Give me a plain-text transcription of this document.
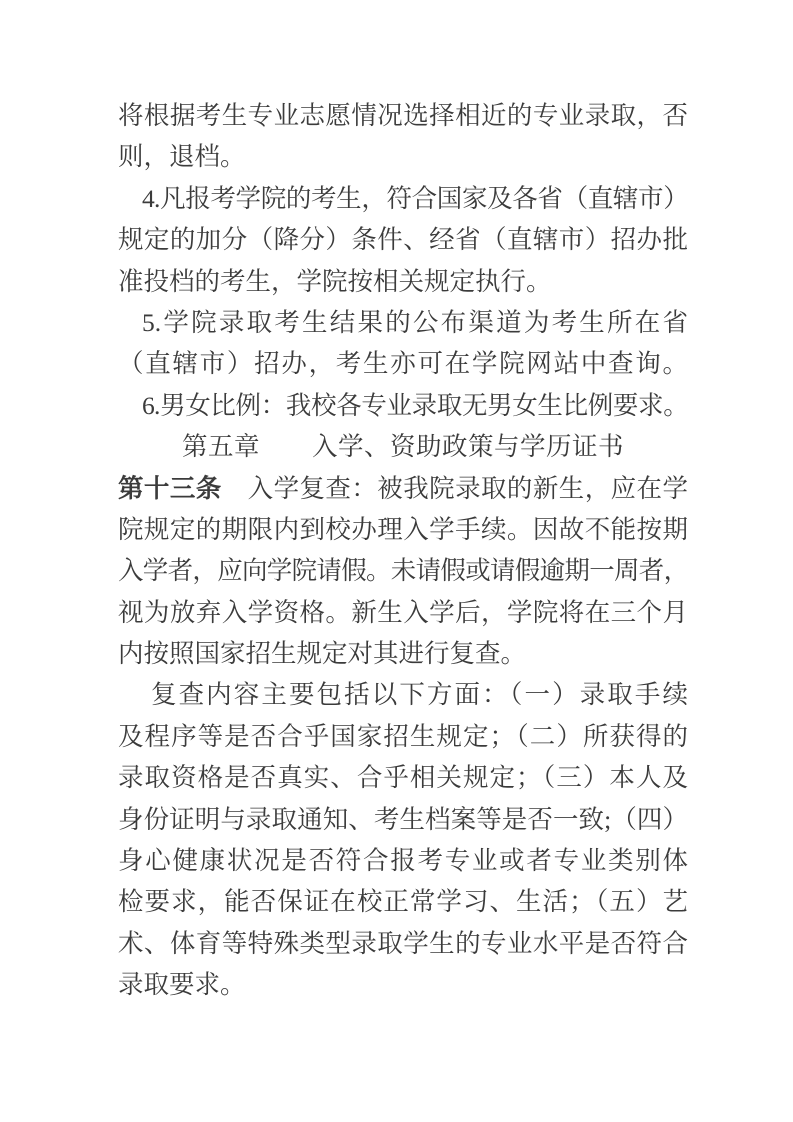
将根据考生专业志愿情况选择相近的专业录取，否
则，退档。
4.凡报考学院的考生，符合国家及各省（直辖市）
规定的加分（降分）条件、经省（直辖市）招办批
准投档的考生，学院按相关规定执行。
5.学院录取考生结果的公布渠道为考生所在省
（直辖市）招办，考生亦可在学院网站中查询。
6.男女比例：我校各专业录取无男女生比例要求。
第五章　　入学、资助政策与学历证书
第十三条　入学复查：被我院录取的新生，应在学
院规定的期限内到校办理入学手续。因故不能按期
入学者，应向学院请假。未请假或请假逾期一周者，
视为放弃入学资格。新生入学后，学院将在三个月
内按照国家招生规定对其进行复查。
复查内容主要包括以下方面：（一）录取手续
及程序等是否合乎国家招生规定；（二）所获得的
录取资格是否真实、合乎相关规定；（三）本人及
身份证明与录取通知、考生档案等是否一致;（四）
身心健康状况是否符合报考专业或者专业类别体
检要求，能否保证在校正常学习、生活；（五）艺
术、体育等特殊类型录取学生的专业水平是否符合
录取要求。
